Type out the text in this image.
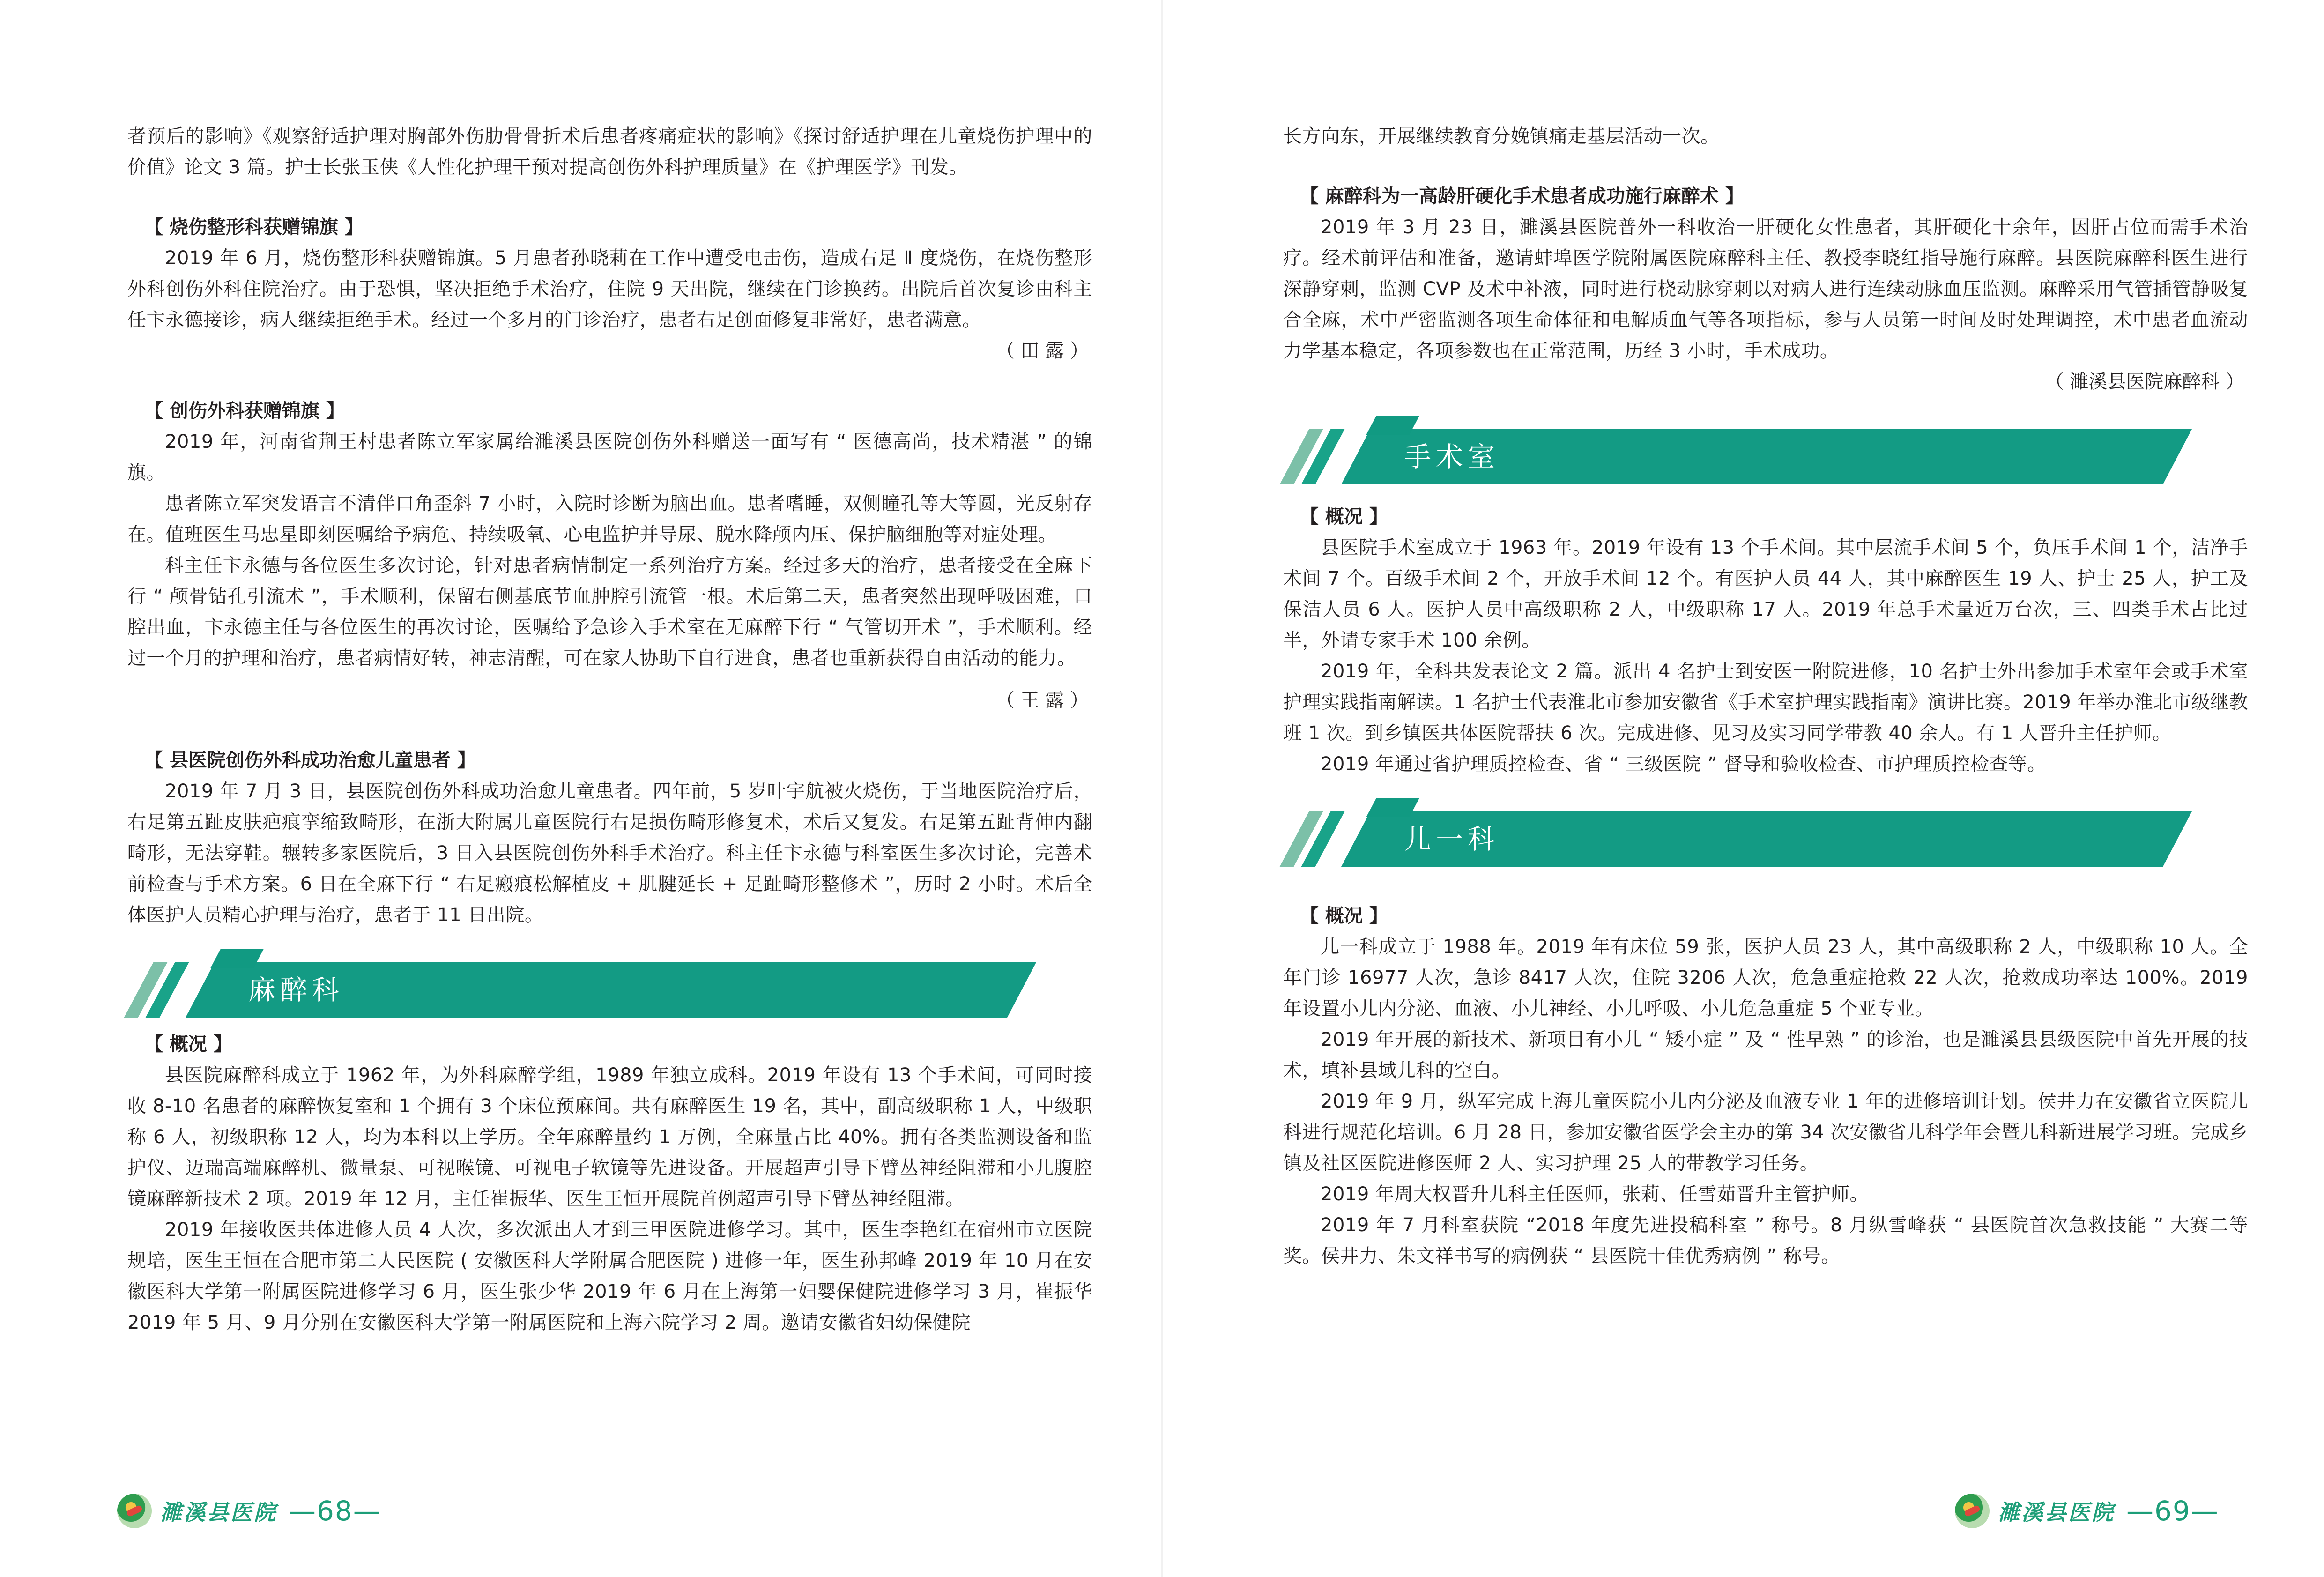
者预后的影响》《观察舒适护理对胸部外伤肋骨骨折术后患者疼痛症状的影响》《探讨舒适护理在儿童烧伤护理中的价值》论文 3 篇。护士长张玉侠《人性化护理干预对提高创伤外科护理质量》在《护理医学》刊发。

【 烧伤整形科获赠锦旗 】

2019 年 6 月，烧伤整形科获赠锦旗。5 月患者孙晓莉在工作中遭受电击伤，造成右足 Ⅱ 度烧伤，在烧伤整形外科创伤外科住院治疗。由于恐惧，坚决拒绝手术治疗，住院 9 天出院，继续在门诊换药。出院后首次复诊由科主任卞永德接诊，病人继续拒绝手术。经过一个多月的门诊治疗，患者右足创面修复非常好，患者满意。

（ 田 露 ）

【 创伤外科获赠锦旗 】

2019 年，河南省荆王村患者陈立军家属给濉溪县医院创伤外科赠送一面写有 “ 医德高尚，技术精湛 ” 的锦旗。

患者陈立军突发语言不清伴口角歪斜 7 小时，入院时诊断为脑出血。患者嗜睡，双侧瞳孔等大等圆，光反射存在。值班医生马忠星即刻医嘱给予病危、持续吸氧、心电监护并导尿、脱水降颅内压、保护脑细胞等对症处理。

科主任卞永德与各位医生多次讨论，针对患者病情制定一系列治疗方案。经过多天的治疗，患者接受在全麻下行 “ 颅骨钻孔引流术 ”，手术顺利，保留右侧基底节血肿腔引流管一根。术后第二天，患者突然出现呼吸困难，口腔出血，卞永德主任与各位医生的再次讨论，医嘱给予急诊入手术室在无麻醉下行 “ 气管切开术 ”，手术顺利。经过一个月的护理和治疗，患者病情好转，神志清醒，可在家人协助下自行进食，患者也重新获得自由活动的能力。

（ 王 露 ）

【 县医院创伤外科成功治愈儿童患者 】

2019 年 7 月 3 日，县医院创伤外科成功治愈儿童患者。四年前，5 岁叶宇航被火烧伤，于当地医院治疗后，右足第五趾皮肤疤痕挛缩致畸形，在浙大附属儿童医院行右足损伤畸形修复术，术后又复发。右足第五趾背伸内翻畸形，无法穿鞋。辗转多家医院后，3 日入县医院创伤外科手术治疗。科主任卞永德与科室医生多次讨论，完善术前检查与手术方案。6 日在全麻下行 “ 右足瘢痕松解植皮 + 肌腱延长 + 足趾畸形整修术 ”，历时 2 小时。术后全体医护人员精心护理与治疗，患者于 11 日出院。

麻醉科

【 概况 】

县医院麻醉科成立于 1962 年，为外科麻醉学组，1989 年独立成科。2019 年设有 13 个手术间，可同时接收 8-10 名患者的麻醉恢复室和 1 个拥有 3 个床位预麻间。共有麻醉医生 19 名，其中，副高级职称 1 人，中级职称 6 人，初级职称 12 人，均为本科以上学历。全年麻醉量约 1 万例，全麻量占比 40%。拥有各类监测设备和监护仪、迈瑞高端麻醉机、微量泵、可视喉镜、可视电子软镜等先进设备。开展超声引导下臂丛神经阻滞和小儿腹腔镜麻醉新技术 2 项。2019 年 12 月，主任崔振华、医生王恒开展院首例超声引导下臂丛神经阻滞。

2019 年接收医共体进修人员 4 人次，多次派出人才到三甲医院进修学习。其中，医生李艳红在宿州市立医院规培，医生王恒在合肥市第二人民医院 ( 安徽医科大学附属合肥医院 ) 进修一年，医生孙邦峰 2019 年 10 月在安徽医科大学第一附属医院进修学习 6 月，医生张少华 2019 年 6 月在上海第一妇婴保健院进修学习 3 月，崔振华 2019 年 5 月、9 月分别在安徽医科大学第一附属医院和上海六院学习 2 周。邀请安徽省妇幼保健院

濉溪县医院 —68—

长方向东，开展继续教育分娩镇痛走基层活动一次。

【 麻醉科为一高龄肝硬化手术患者成功施行麻醉术 】

2019 年 3 月 23 日，濉溪县医院普外一科收治一肝硬化女性患者，其肝硬化十余年，因肝占位而需手术治疗。经术前评估和准备，邀请蚌埠医学院附属医院麻醉科主任、教授李晓红指导施行麻醉。县医院麻醉科医生进行深静穿刺，监测 CVP 及术中补液，同时进行桡动脉穿刺以对病人进行连续动脉血压监测。麻醉采用气管插管静吸复合全麻，术中严密监测各项生命体征和电解质血气等各项指标，参与人员第一时间及时处理调控，术中患者血流动力学基本稳定，各项参数也在正常范围，历经 3 小时，手术成功。

（ 濉溪县医院麻醉科 ）

手术室

【 概况 】

县医院手术室成立于 1963 年。2019 年设有 13 个手术间。其中层流手术间 5 个，负压手术间 1 个，洁净手术间 7 个。百级手术间 2 个，开放手术间 12 个。有医护人员 44 人，其中麻醉医生 19 人、护士 25 人，护工及保洁人员 6 人。医护人员中高级职称 2 人，中级职称 17 人。2019 年总手术量近万台次，三、四类手术占比过半，外请专家手术 100 余例。

2019 年，全科共发表论文 2 篇。派出 4 名护士到安医一附院进修，10 名护士外出参加手术室年会或手术室护理实践指南解读。1 名护士代表淮北市参加安徽省《手术室护理实践指南》演讲比赛。2019 年举办淮北市级继教班 1 次。到乡镇医共体医院帮扶 6 次。完成进修、见习及实习同学带教 40 余人。有 1 人晋升主任护师。

2019 年通过省护理质控检查、省 “ 三级医院 ” 督导和验收检查、市护理质控检查等。

儿一科

【 概况 】

儿一科成立于 1988 年。2019 年有床位 59 张，医护人员 23 人，其中高级职称 2 人，中级职称 10 人。全年门诊 16977 人次，急诊 8417 人次，住院 3206 人次，危急重症抢救 22 人次，抢救成功率达 100%。2019 年设置小儿内分泌、血液、小儿神经、小儿呼吸、小儿危急重症 5 个亚专业。

2019 年开展的新技术、新项目有小儿 “ 矮小症 ” 及 “ 性早熟 ” 的诊治，也是濉溪县县级医院中首先开展的技术，填补县域儿科的空白。

2019 年 9 月，纵军完成上海儿童医院小儿内分泌及血液专业 1 年的进修培训计划。侯井力在安徽省立医院儿科进行规范化培训。6 月 28 日，参加安徽省医学会主办的第 34 次安徽省儿科学年会暨儿科新进展学习班。完成乡镇及社区医院进修医师 2 人、实习护理 25 人的带教学习任务。

2019 年周大权晋升儿科主任医师，张莉、任雪茹晋升主管护师。

2019 年 7 月科室获院 “2018 年度先进投稿科室 ” 称号。8 月纵雪峰获 “ 县医院首次急救技能 ” 大赛二等奖。侯井力、朱文祥书写的病例获 “ 县医院十佳优秀病例 ” 称号。

濉溪县医院 —69—
